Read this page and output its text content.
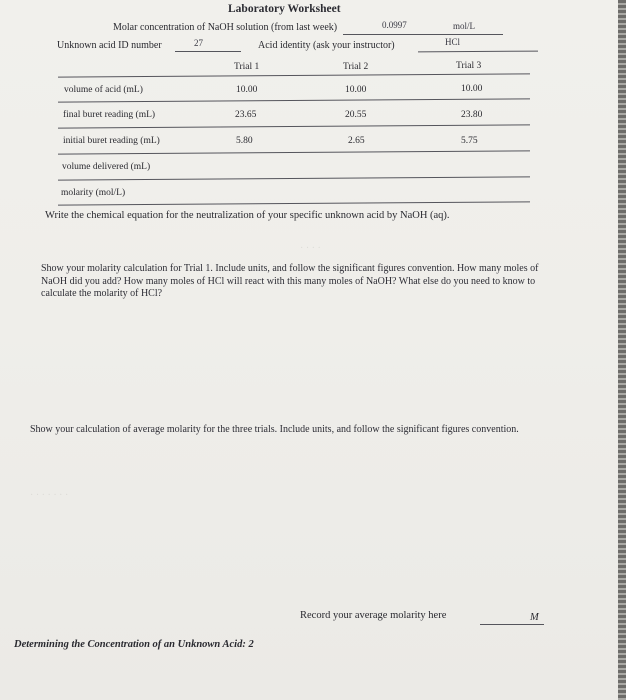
· · · ·
· · · · · · ·
Laboratory Worksheet
Molar concentration of NaOH solution (from last week)	0.0997	mol/L
Unknown acid ID number	27	Acid identity (ask your instructor)	HCl
Trial 1	Trial 2	Trial 3
volume of acid (mL)	10.00	10.00	10.00
final buret reading (mL)	23.65	20.55	23.80
initial buret reading (mL)	5.80	2.65	5.75
volume delivered (mL)
molarity (mol/L)
Write the chemical equation for the neutralization of your specific unknown acid by NaOH (aq).
Show your molarity calculation for Trial 1. Include units, and follow the significant figures convention. How many moles of NaOH did you add? How many moles of HCl will react with this many moles of NaOH? What else do you need to know to calculate the molarity of HCl?
Show your calculation of average molarity for the three trials. Include units, and follow the significant figures convention.
Record your average molarity here	M
Determining the Concentration of an Unknown Acid: 2
